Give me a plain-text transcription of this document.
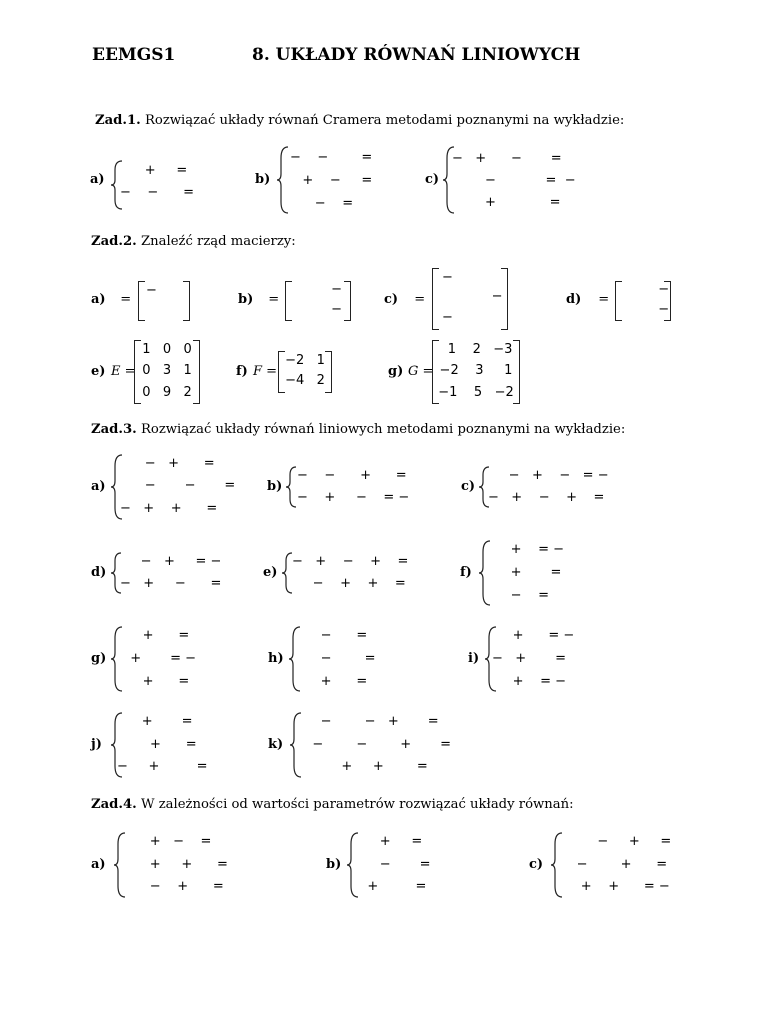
EEMGS1	8. UKŁADY RÓWNAŃ LINIOWYCH
Zad.1. Rozwiązać układy równań Cramera metodami poznanymi na wykładzie:
a)
+     =
−    −      =
b)
−    −        =
+    −     =
−    =
c)
−   +      −       =
−            =  −
+             =
Zad.2. Znaleźć rząd macierzy:
a) =
−
b) =
−
−
c) =
−
−
−
d) =
−
−
e) E =
1   0   0
0   3   1
0   9   2
f) F =
−2   1
−4   2
g) G =
1    2   −3
−2    3     1
−1    5   −2
Zad.3. Rozwiązać układy równań liniowych metodami poznanymi na wykładzie:
a)
−   +      =
−       −       =
−   +    +      =
b)
−    −      +      =
−    +     −    = −
c)
−   +    −   = −
−   +    −    +    =
d)
−   +     = −
−   +     −      =
e)
−   +    −    +    =
−    +    +    =
f)
+    = −
+       =
−    =
g)
+      =
+       = −
+      =
h)
−      =
−        =
+      =
i)
+      = −
−   +       =
+    = −
j)
+       =
+      =
−     +         =
k)
−        −   +       =
−        −        +       =
+     +        =
Zad.4. W zależności od wartości parametrów rozwiązać układy równań:
a)
+   −    =
+     +      =
−    +      =
b)
+     =
−       =
+         =
c)
−     +     =
−        +      =
+    +      = −
